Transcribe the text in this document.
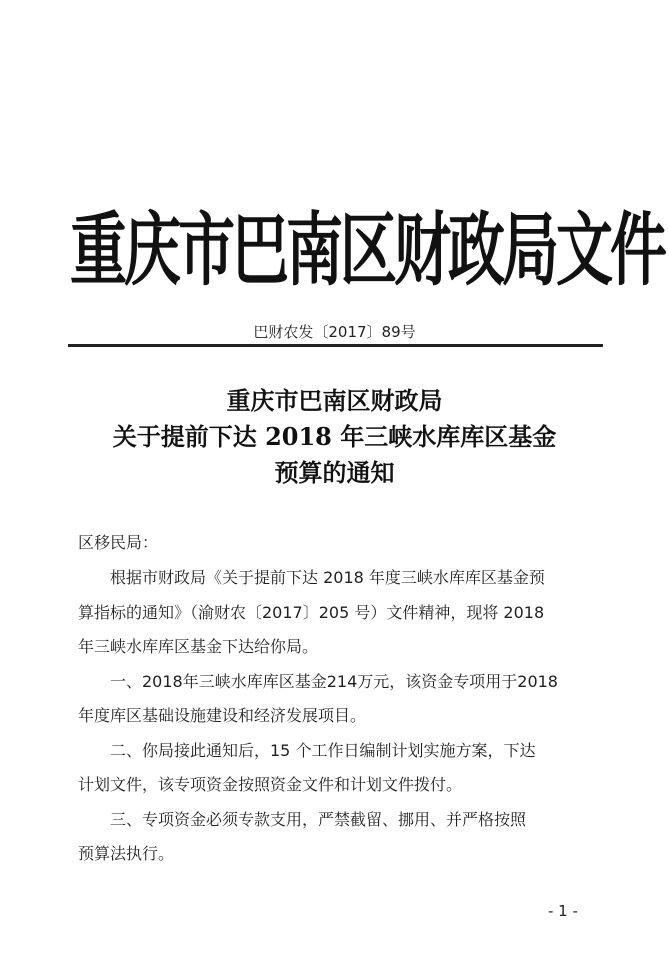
重庆市巴南区财政局文件
巴财农发〔2017〕89号
重庆市巴南区财政局
关于提前下达 2018 年三峡水库库区基金
预算的通知
区移民局：
根据市财政局《关于提前下达 2018 年度三峡水库库区基金预
算指标的通知》（渝财农〔2017〕205 号）文件精神，现将 2018
年三峡水库库区基金下达给你局。
一、2018年三峡水库库区基金214万元，该资金专项用于2018
年度库区基础设施建设和经济发展项目。
二、你局接此通知后，15 个工作日编制计划实施方案，下达
计划文件，该专项资金按照资金文件和计划文件拨付。
三、专项资金必须专款支用，严禁截留、挪用、并严格按照
预算法执行。
- 1 -
